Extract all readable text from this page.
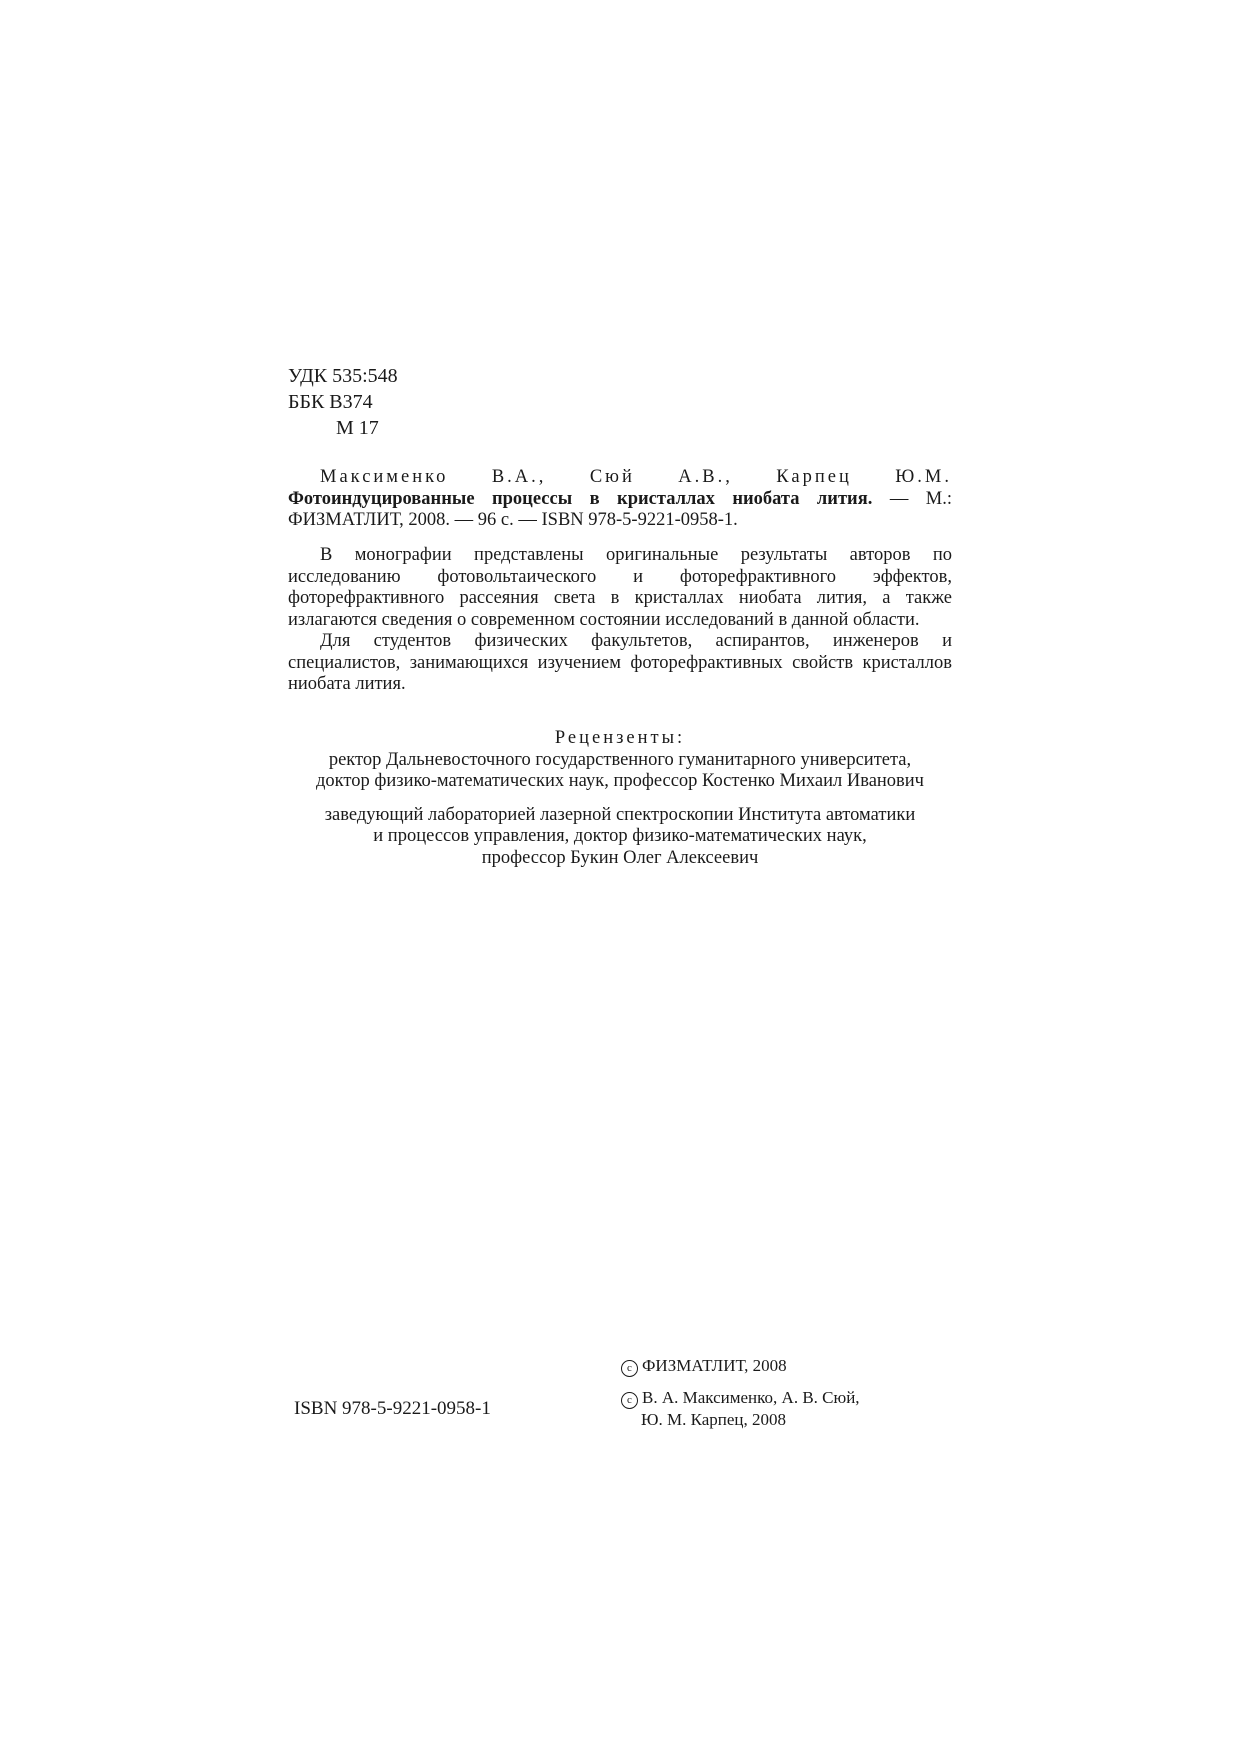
УДК 535:548
ББК В374
М 17

Максименко В.А., Сюй А.В., Карпец Ю.М. Фотоиндуцированные процессы в кристаллах ниобата лития. — М.: ФИЗМАТЛИТ, 2008. — 96 с. — ISBN 978-5-9221-0958-1.

В монографии представлены оригинальные результаты авторов по исследованию фотовольтаического и фоторефрактивного эффектов, фоторефрактивного рассеяния света в кристаллах ниобата лития, а также излагаются сведения о современном состоянии исследований в данной области.

Для студентов физических факультетов, аспирантов, инженеров и специалистов, занимающихся изучением фоторефрактивных свойств кристаллов ниобата лития.

Рецензенты:

ректор Дальневосточного государственного гуманитарного университета,

доктор физико-математических наук, профессор Костенко Михаил Иванович

заведующий лабораторией лазерной спектроскопии Института автоматики

и процессов управления, доктор физико-математических наук,

профессор Букин Олег Алексеевич

ISBN 978-5-9221-0958-1
c ФИЗМАТЛИТ, 2008
c В. А. Максименко, А. В. Сюй,
Ю. М. Карпец, 2008
